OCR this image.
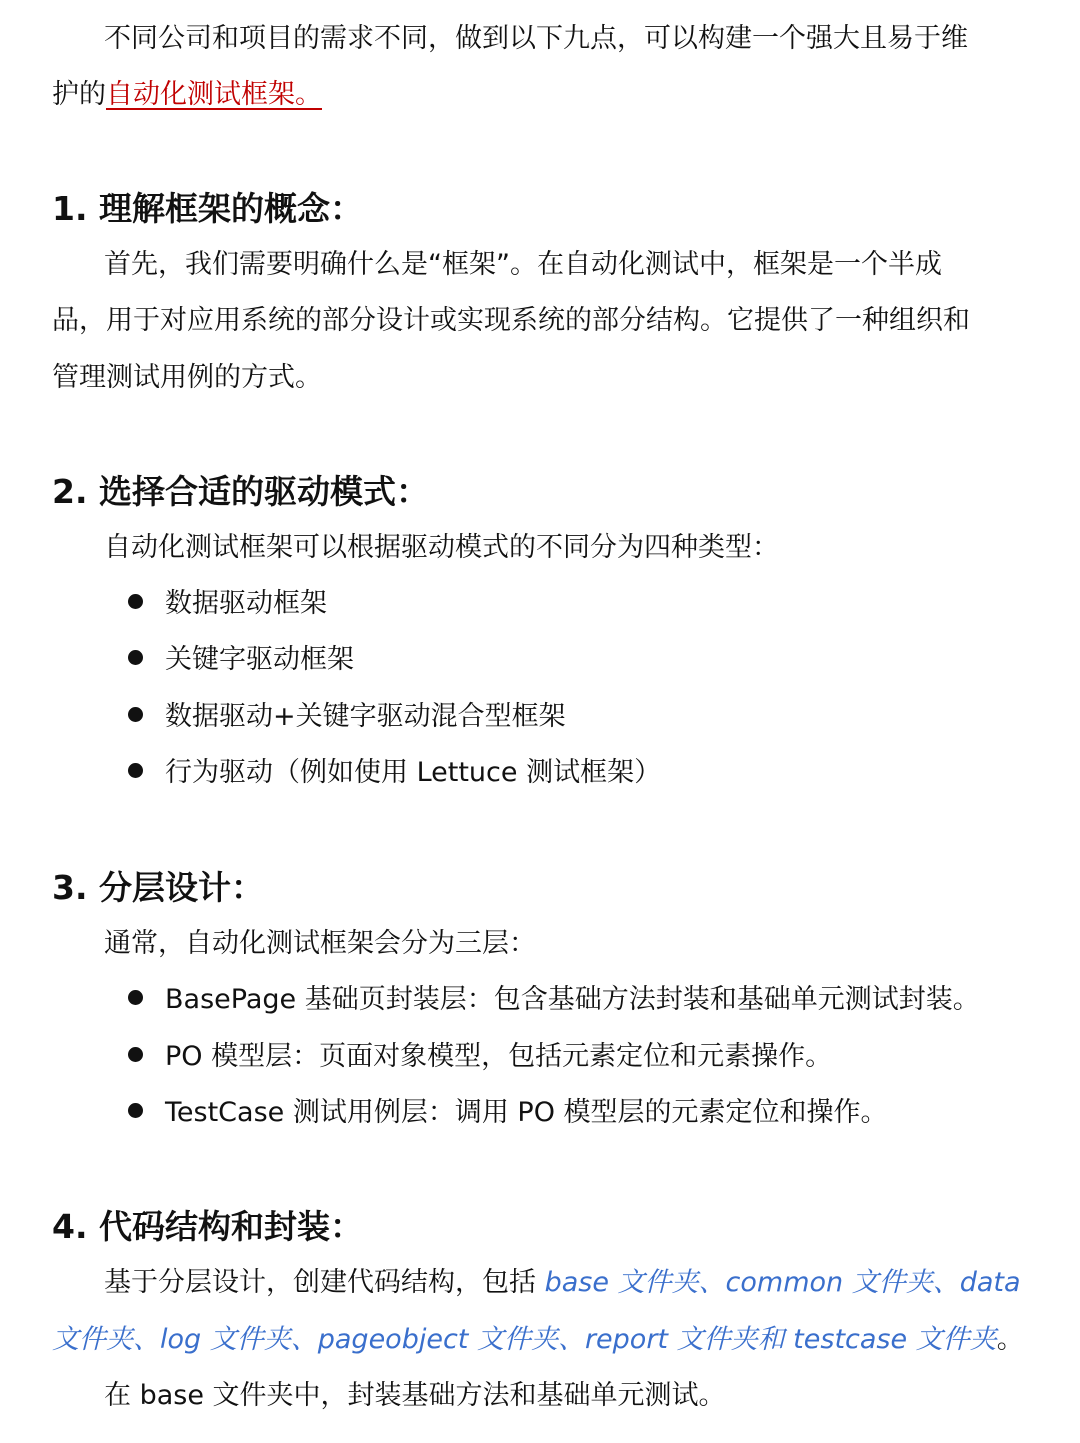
不同公司和项目的需求不同，做到以下九点，可以构建一个强大且易于维
护的自动化测试框架。
1. 理解框架的概念：
首先，我们需要明确什么是“框架”。在自动化测试中，框架是一个半成
品，用于对应用系统的部分设计或实现系统的部分结构。它提供了一种组织和
管理测试用例的方式。
2. 选择合适的驱动模式：
自动化测试框架可以根据驱动模式的不同分为四种类型：
数据驱动框架
关键字驱动框架
数据驱动+关键字驱动混合型框架
行为驱动（例如使用 Lettuce 测试框架）
3. 分层设计：
通常，自动化测试框架会分为三层：
BasePage 基础页封装层：包含基础方法封装和基础单元测试封装。
PO 模型层：页面对象模型，包括元素定位和元素操作。
TestCase 测试用例层：调用 PO 模型层的元素定位和操作。
4. 代码结构和封装：
基于分层设计，创建代码结构，包括 base 文件夹、common 文件夹、data
文件夹、log 文件夹、pageobject 文件夹、report 文件夹和 testcase 文件夹。
在 base 文件夹中，封装基础方法和基础单元测试。
